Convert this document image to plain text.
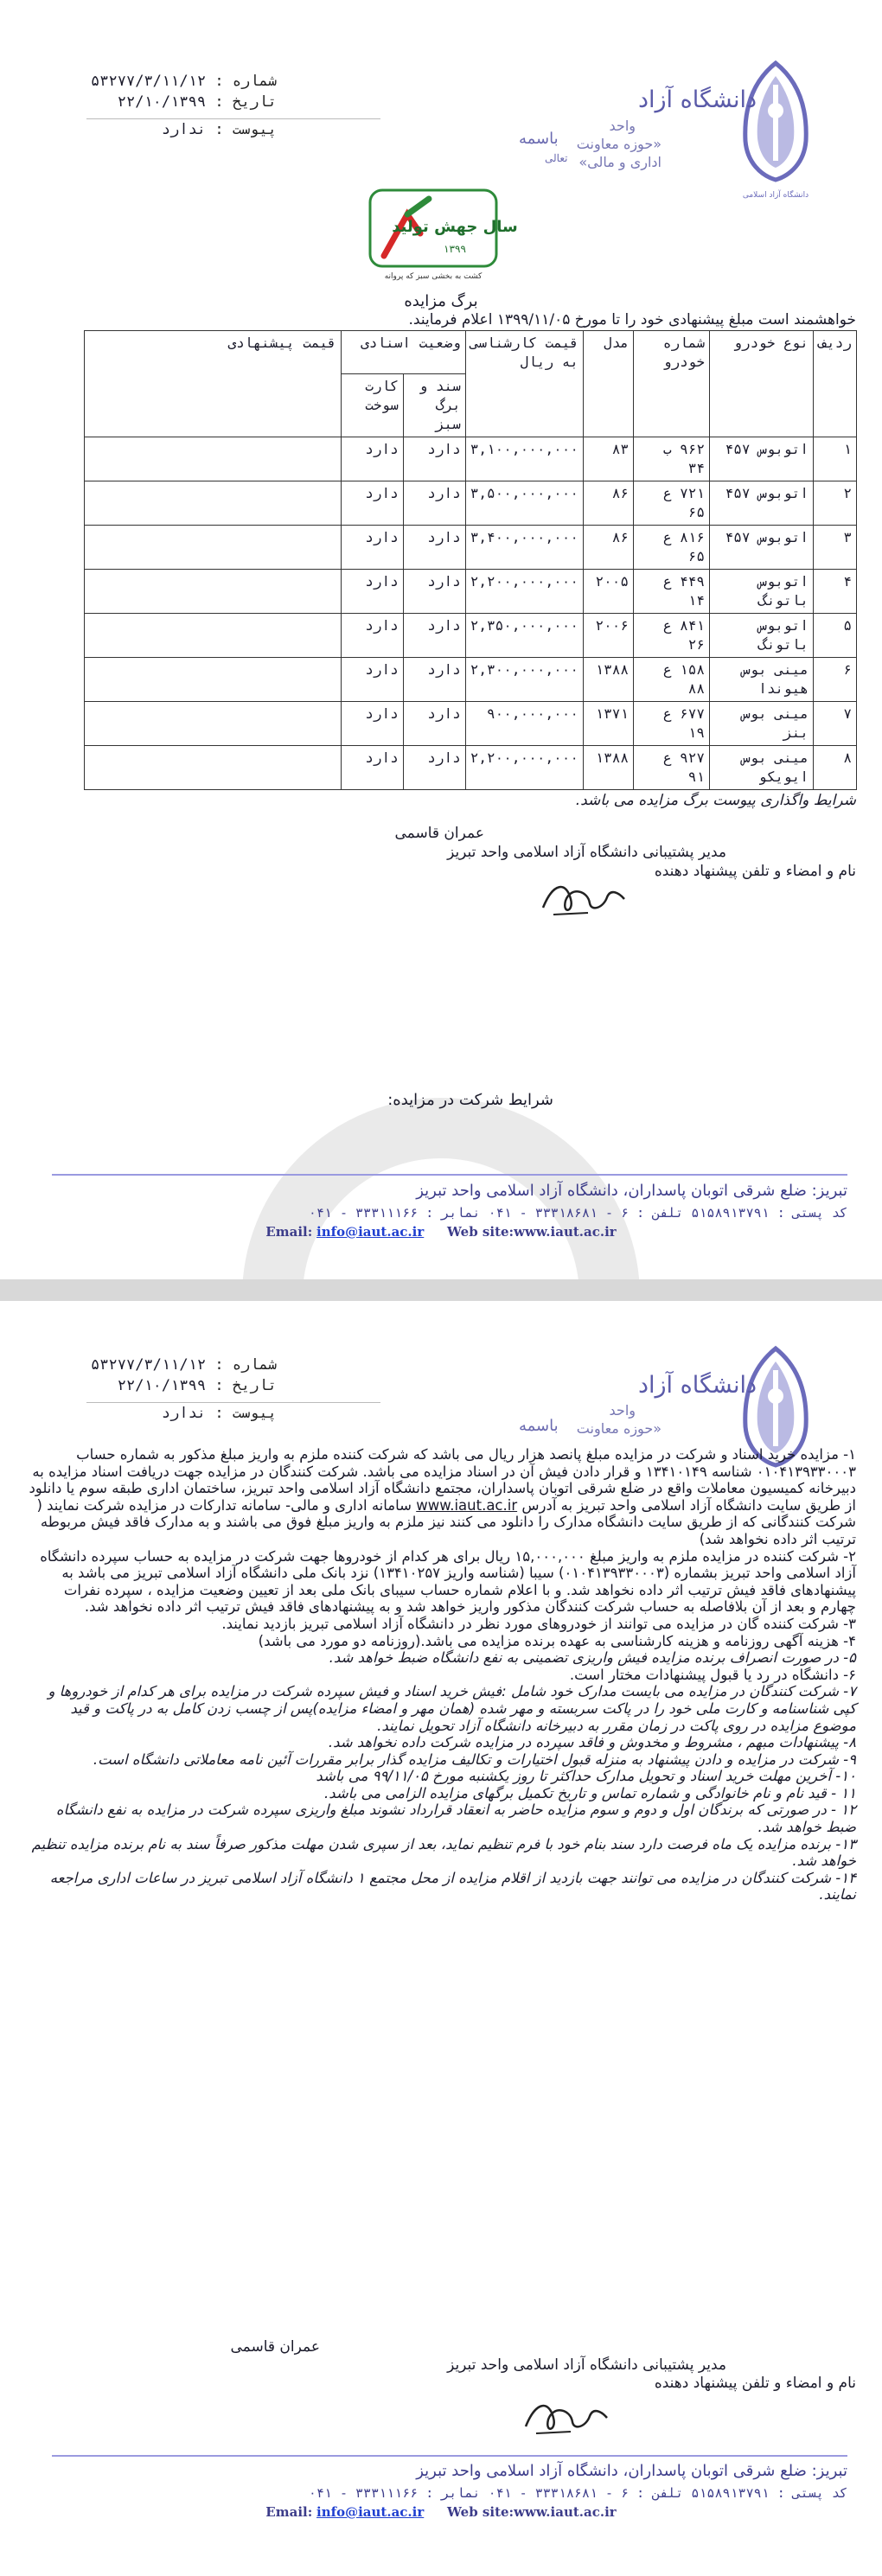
دانشگاه آزاد اسلامی
دانشگاه آزاد
واحد
«حوزه معاونت
اداری و مالی»
باسمه
تعالی
شماره : ۵۳۲۷۷/۳/۱۱/۱۲
تاریخ : ۲۲/۱۰/۱۳۹۹
پیوست : ندارد
سال جهش تولید
۱۳۹۹
کشت به بخشی سبز که پروانه
برگ مزایده
خواهشمند است مبلغ پیشنهادی خود را تا مورخ ۱۳۹۹/۱۱/۰۵ اعلام فرمایند.
ردیف	نوع خودرو	شماره خودرو	مدل	قیمت کارشناسی به ریال	وضعیت اسنادی		قیمت پیشنهادی
					سند و برگ سبز	کارت سوخت	
۱	اتوبوس ۴۵۷	۹۶۲ ب ۳۴	۸۳	۳,۱۰۰,۰۰۰,۰۰۰	دارد	دارد	
۲	اتوبوس ۴۵۷	۷۲۱ ع ۶۵	۸۶	۳,۵۰۰,۰۰۰,۰۰۰	دارد	دارد	
۳	اتوبوس ۴۵۷	۸۱۶ ع ۶۵	۸۶	۳,۴۰۰,۰۰۰,۰۰۰	دارد	دارد	
۴	اتوبوس باتونگ	۴۴۹ ع ۱۴	۲۰۰۵	۲,۲۰۰,۰۰۰,۰۰۰	دارد	دارد	
۵	اتوبوس باتونگ	۸۴۱ ع ۲۶	۲۰۰۶	۲,۳۵۰,۰۰۰,۰۰۰	دارد	دارد	
۶	مینی بوس هیوندا	۱۵۸ ع ۸۸	۱۳۸۸	۲,۳۰۰,۰۰۰,۰۰۰	دارد	دارد	
۷	مینی بوس بنز	۶۷۷ ع ۱۹	۱۳۷۱	۹۰۰,۰۰۰,۰۰۰	دارد	دارد	
۸	مینی بوس ایویکو	۹۲۷ ع ۹۱	۱۳۸۸	۲,۲۰۰,۰۰۰,۰۰۰	دارد	دارد	
شرایط واگذاری پیوست برگ مزایده می باشد.
عمران قاسمی
مدیر پشتیبانی دانشگاه آزاد اسلامی واحد تبریز
نام و امضاء و تلفن پیشنهاد دهنده
شرایط شرکت در مزایده:
تبریز: ضلع شرقی اتوبان پاسداران، دانشگاه آزاد اسلامی واحد تبریز
کد پستی : ۵۱۵۸۹۱۳۷۹۱ تلفن : ۶ - ۳۳۳۱۸۶۸۱ - ۰۴۱ نمابر : ۳۳۳۱۱۱۶۶ - ۰۴۱
Email: info@iaut.ac.ir Web site:www.iaut.ac.ir
دانشگاه آزاد
واحد
«حوزه معاونت
باسمه
شماره : ۵۳۲۷۷/۳/۱۱/۱۲
تاریخ : ۲۲/۱۰/۱۳۹۹
پیوست : ندارد

۱- مزایده خرید اسناد و شرکت در مزایده مبلغ پانصد هزار ریال می باشد که شرکت کننده ملزم به واریز مبلغ مذکور به شماره حساب ۰۱۰۴۱۳۹۳۳۰۰۰۳ شناسه ۱۳۴۱۰۱۴۹ و قرار دادن فیش آن در اسناد مزایده می باشد. شرکت کنندگان در مزایده جهت دریافت اسناد مزایده به دبیرخانه کمیسیون معاملات واقع در ضلع شرقی اتوبان پاسداران، مجتمع دانشگاه آزاد اسلامی واحد تبریز، ساختمان اداری طبقه سوم یا دانلود از طریق سایت دانشگاه آزاد اسلامی واحد تبریز به آدرس www.iaut.ac.ir سامانه اداری و مالی- سامانه تدارکات در مزایده شرکت نمایند ( شرکت کنندگانی که از طریق سایت دانشگاه مدارک را دانلود می کنند نیز ملزم به واریز مبلغ فوق می باشند و به مدارک فاقد فیش مربوطه ترتیب اثر داده نخواهد شد)

۲- شرکت کننده در مزایده ملزم به واریز مبلغ ۱۵,۰۰۰,۰۰۰ ریال برای هر کدام از خودروها جهت شرکت در مزایده به حساب سپرده دانشگاه آزاد اسلامی واحد تبریز بشماره (۰۱۰۴۱۳۹۳۳۰۰۰۳) سیبا (شناسه واریز ۱۳۴۱۰۲۵۷) نزد بانک ملی دانشگاه آزاد اسلامی تبریز می باشد به پیشنهادهای فاقد فیش ترتیب اثر داده نخواهد شد. و با اعلام شماره حساب سیبای بانک ملی بعد از تعیین وضعیت مزایده ، سپرده نفرات چهارم و بعد از آن بلافاصله به حساب شرکت کنندگان مذکور واریز خواهد شد و به پیشنهادهای فاقد فیش ترتیب اثر داده نخواهد شد.

۳- شرکت کننده گان در مزایده می توانند از خودروهای مورد نظر در دانشگاه آزاد اسلامی تبریز بازدید نمایند.

۴- هزینه آگهی روزنامه و هزینه کارشناسی به عهده برنده مزایده می باشد.(روزنامه دو مورد می باشد)

۵- در صورت انصراف برنده مزایده فیش واریزی تضمینی به نفع دانشگاه ضبط خواهد شد.

۶- دانشگاه در رد یا قبول پیشنهادات مختار است.

۷- شرکت کنندگان در مزایده می بایست مدارک خود شامل :فیش خرید اسناد و فیش سپرده شرکت در مزایده برای هر کدام از خودروها و کپی شناسنامه و کارت ملی خود را در پاکت سربسته و مهر شده (همان مهر و امضاء مزایده)پس از چسب زدن کامل به در پاکت و قید موضوع مزایده در روی پاکت در زمان مقرر به دبیرخانه دانشگاه آزاد تحویل نمایند.

۸- پیشنهادات مبهم ، مشروط و مخدوش و فاقد سپرده در مزایده شرکت داده نخواهد شد.

۹- شرکت در مزایده و دادن پیشنهاد به منزله قبول اختیارات و تکالیف مزایده گذار برابر مقررات آئین نامه معاملاتی دانشگاه است.

۱۰- آخرین مهلت خرید اسناد و تحویل مدارک حداکثر تا روز یکشنبه مورخ ۹۹/۱۱/۰۵ می باشد

۱۱ - قید نام و نام خانوادگی و شماره تماس و تاریخ تکمیل برگهای مزایده الزامی می باشد.

۱۲ - در صورتی که برندگان اول و دوم و سوم مزایده حاضر به انعقاد قرارداد نشوند مبلغ واریزی سپرده شرکت در مزایده به نفع دانشگاه ضبط خواهد شد.

۱۳- برنده مزایده یک ماه فرصت دارد سند بنام خود با فرم تنظیم نماید، بعد از سپری شدن مهلت مذکور صرفاً سند به نام برنده مزایده تنظیم خواهد شد.

۱۴- شرکت کنندگان در مزایده می توانند جهت بازدید از اقلام مزایده از محل مجتمع ۱ دانشگاه آزاد اسلامی تبریز در ساعات اداری مراجعه نمایند.

عمران قاسمی
مدیر پشتیبانی دانشگاه آزاد اسلامی واحد تبریز
نام و امضاء و تلفن پیشنهاد دهنده
تبریز: ضلع شرقی اتوبان پاسداران، دانشگاه آزاد اسلامی واحد تبریز
کد پستی : ۵۱۵۸۹۱۳۷۹۱ تلفن : ۶ - ۳۳۳۱۸۶۸۱ - ۰۴۱ نمابر : ۳۳۳۱۱۱۶۶ - ۰۴۱
Email: info@iaut.ac.ir Web site:www.iaut.ac.ir
